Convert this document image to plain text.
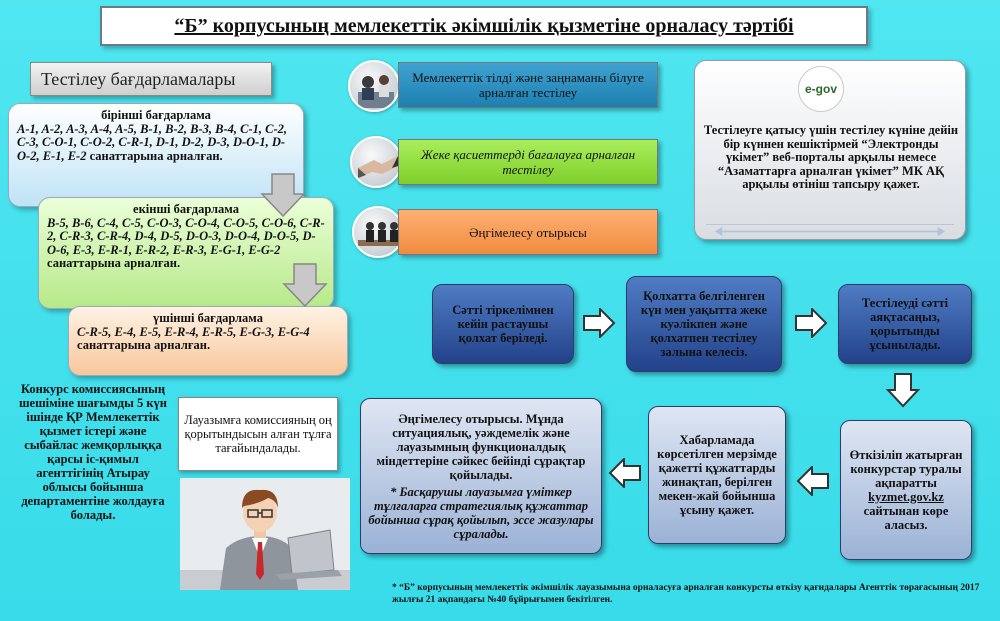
“Б” корпусының мемлекеттік әкімшілік қызметіне орналасу тәртібі
Тестілеу бағдарламалары
бірінші бағдарлама
A-1, A-2, A-3, A-4, A-5, B-1, B-2, B-3, B-4, C-1, C-2, C-3, C-O-1, C-O-2, C-R-1, D-1, D-2, D-3, D-O-1, D-O-2, E-1, E-2 санаттарына арналған.
екінші бағдарлама
B-5, B-6, C-4, C-5, C-O-3, C-O-4, C-O-5, C-O-6, C-R-2, C-R-3, C-R-4, D-4, D-5, D-O-3, D-O-4, D-O-5, D-O-6, E-3, E-R-1, E-R-2, E-R-3, E-G-1, E-G-2 санаттарына арналған.
үшінші бағдарлама
C-R-5, E-4, E-5, E-R-4, E-R-5, E-G-3, E-G-4 санаттарына арналған.
Мемлекеттік тілді және заңнаманы білуге арналған тестілеу
Жеке қасиеттерді бағалауға арналған тестілеу
Әңгімелесу отырысы
e-gov
Тестілеуге қатысу үшін тестілеу күніне дейін бір күннен кешіктірмей “Электронды үкімет” веб-порталы арқылы немесе “Азаматтарға арналған үкімет” МК АҚ арқылы өтініш тапсыру қажет.
Сәтті тіркелімнен кейін растаушы қолхат беріледі.
Қолхатта белгіленген күн мен уақытта жеке куәлікпен және қолхатпен тестілеу залына келесіз.
Тестілеуді сәтті аяқтасаңыз, қорытынды ұсынылады.
Өткізіліп жатырған конкурстар туралы ақпаратты kyzmet.gov.kz сайтынан көре аласыз.
Хабарламада көрсетілген мерзімде қажетті құжаттарды жинақтап, берілген мекен-жай бойынша ұсыну қажет.
Әңгімелесу отырысы. Мұнда ситуациялық, уәждемелік және лауазымның функционалдық міндеттеріне сәйкес бейінді сұрақтар қойылады.
* Басқарушы лауазымға үміткер тұлғаларға стратегиялық құжаттар бойынша сұрақ қойылып, эссе жазулары сұралады.
Конкурс комиссиясының шешіміне шағымды 5 күн ішінде ҚР Мемлекеттік қызмет істері және сыбайлас жемқорлыққа қарсы іс-қимыл агенттігінің Атырау облысы бойынша департаментіне жолдауға болады.
Лауазымға комиссияның оң қорытындысын алған тұлға тағайындалады.
* “Б” корпусының мемлекеттік әкімшілік лауазымына орналасуға арналған конкурсты өткізу қағидалары Агенттік төрағасының 2017 жылғы 21 ақпандағы №40 бұйрығымен бекітілген.
